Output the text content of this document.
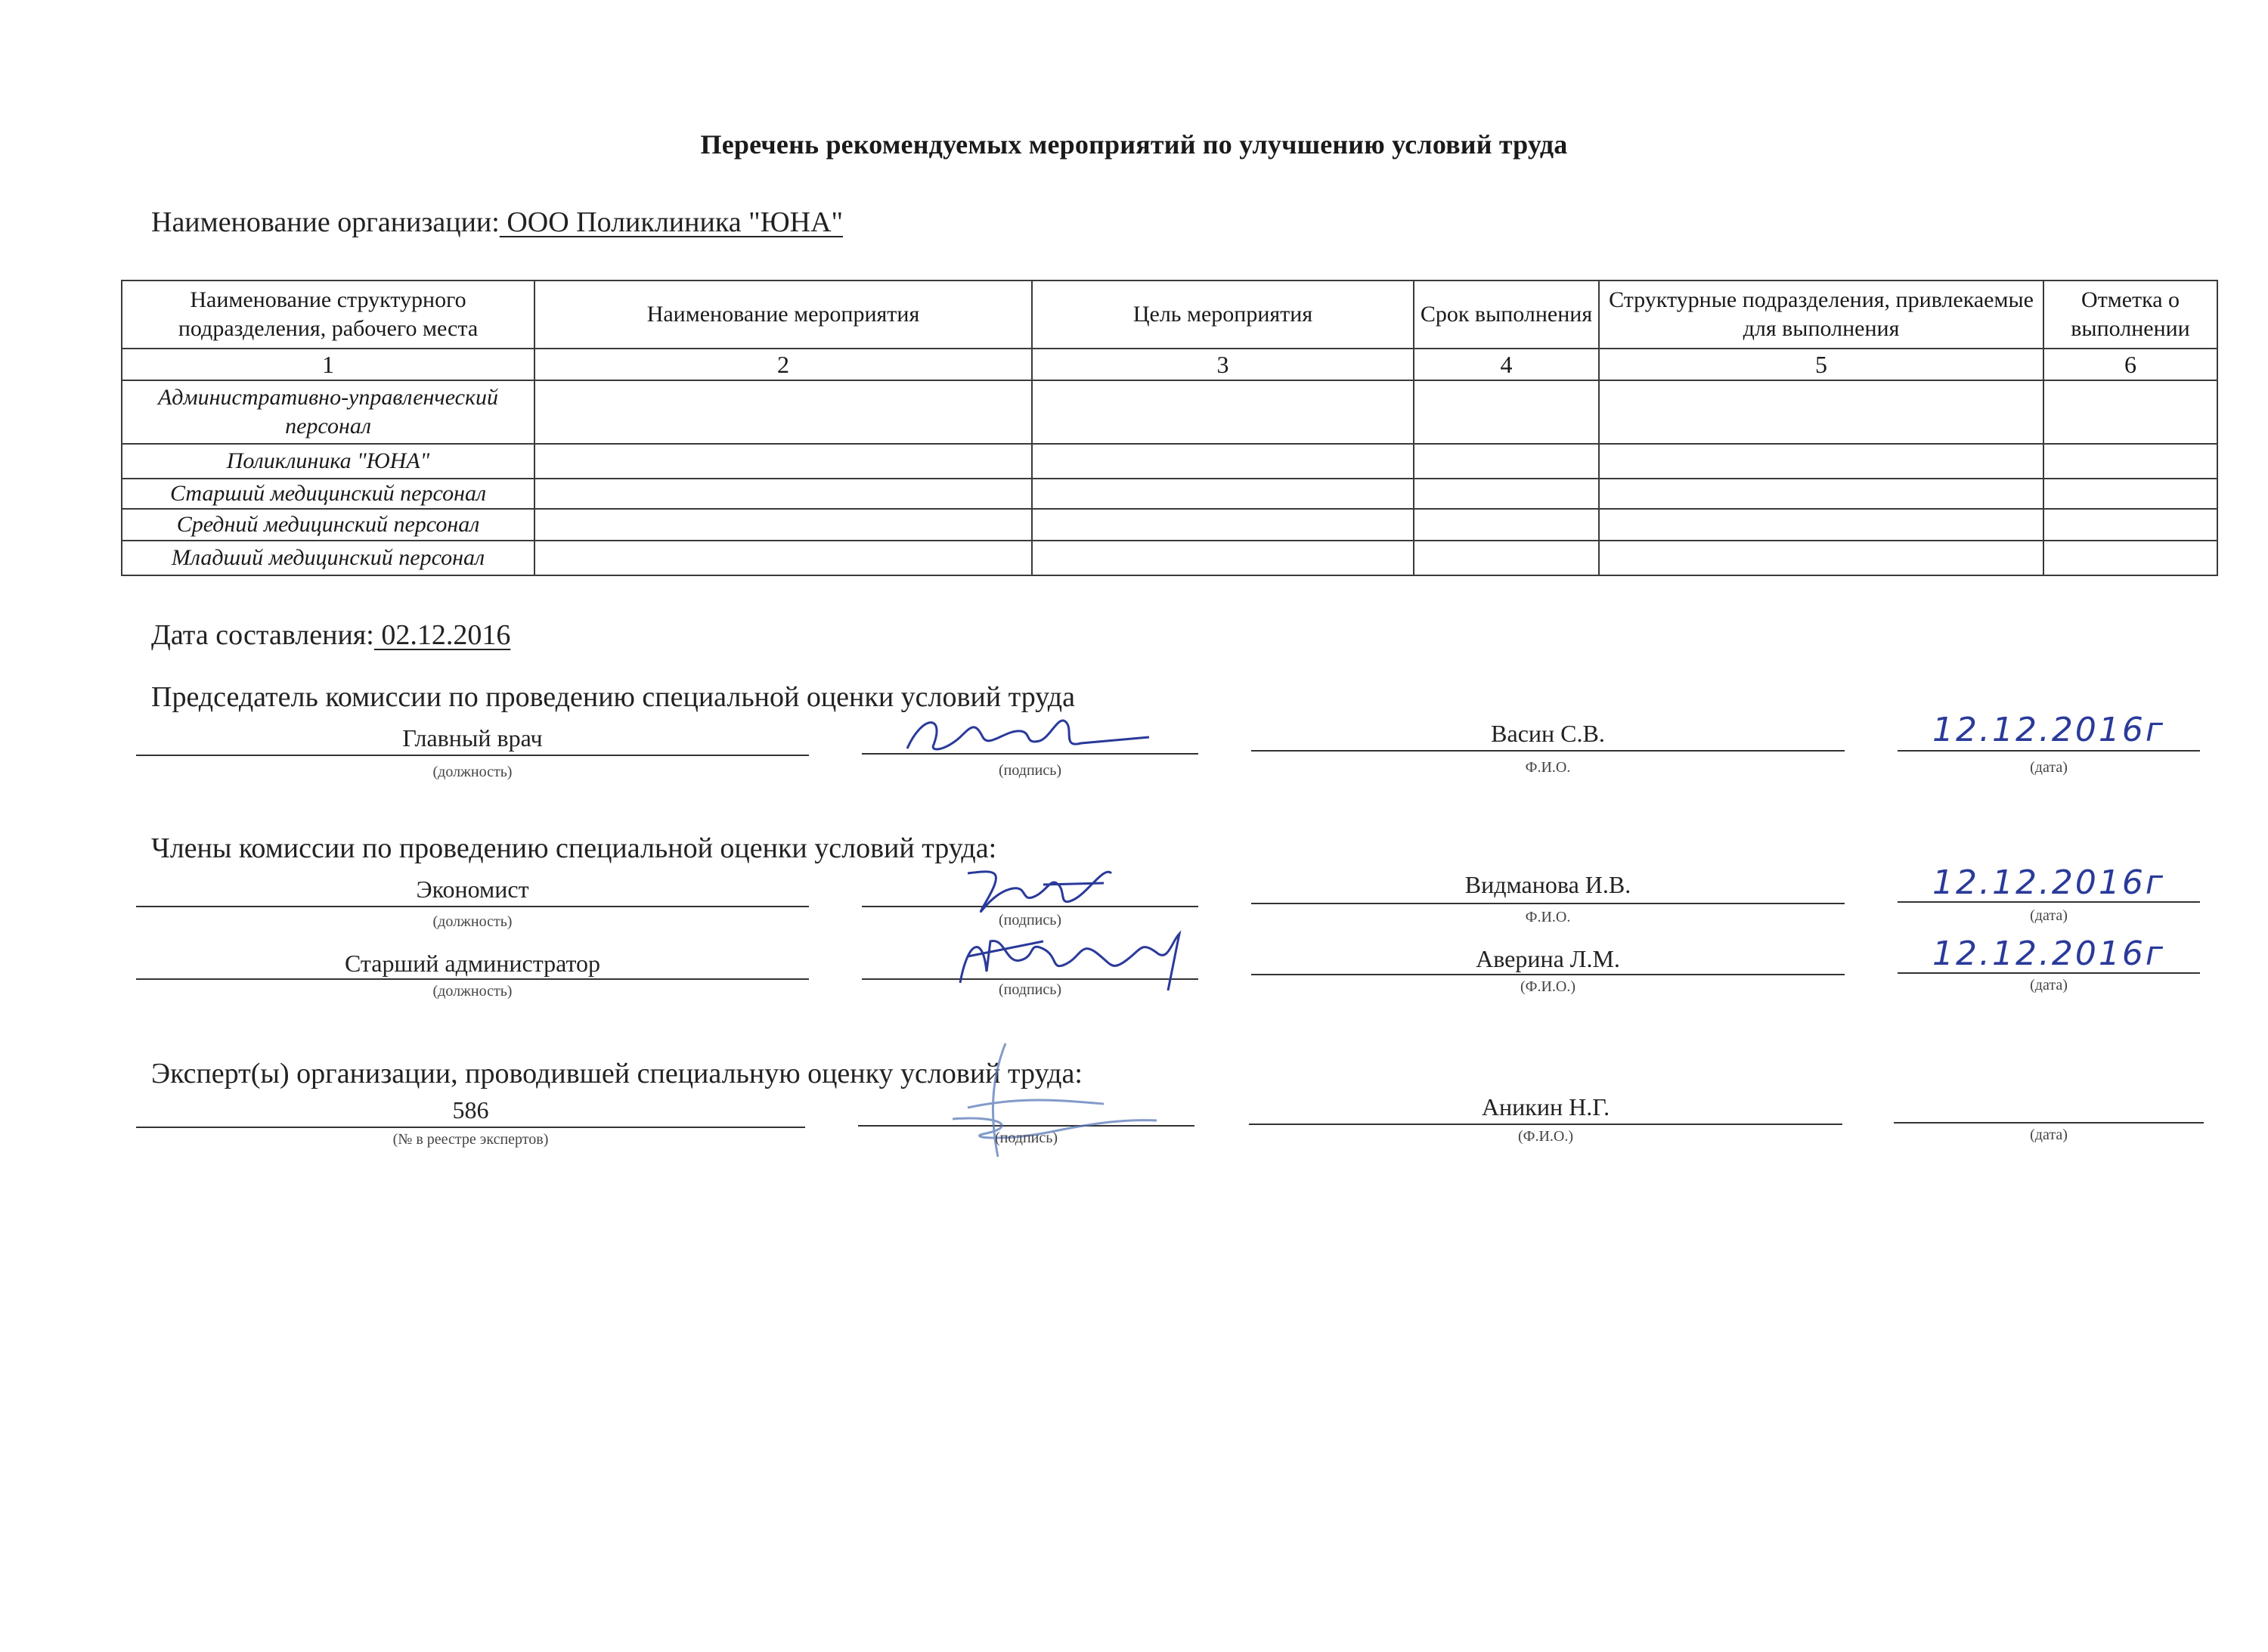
Перечень рекомендуемых мероприятий по улучшению условий труда
Наименование организации: ООО Поликлиника "ЮНА"
Наименование структурного подразделения, рабочего места	Наименование мероприятия	Цель мероприятия	Срок выполнения	Структурные подразделения, привлекаемые для выполнения	Отметка о выполнении
1	2	3	4	5	6
Административно-управленческий персонал					
Поликлиника "ЮНА"					
Старший медицинский персонал					
Средний медицинский персонал					
Младший медицинский персонал					
Дата составления: 02.12.2016
Председатель комиссии по проведению специальной оценки условий труда
Главный врач
(должность)	(подпись)
Васин С.В.
Ф.И.О.
12.12.2016г
(дата)
Члены комиссии по проведению специальной оценки условий труда:
Экономист
(должность)	(подпись)
Видманова И.В.
Ф.И.О.
12.12.2016г
(дата)
Старший администратор
(должность)	(подпись)
Аверина Л.М.
(Ф.И.О.)
12.12.2016г
(дата)
Эксперт(ы) организации, проводившей специальную оценку условий труда:
586
(№ в реестре экспертов)	(подпись)
Аникин Н.Г.
(Ф.И.О.)	(дата)
